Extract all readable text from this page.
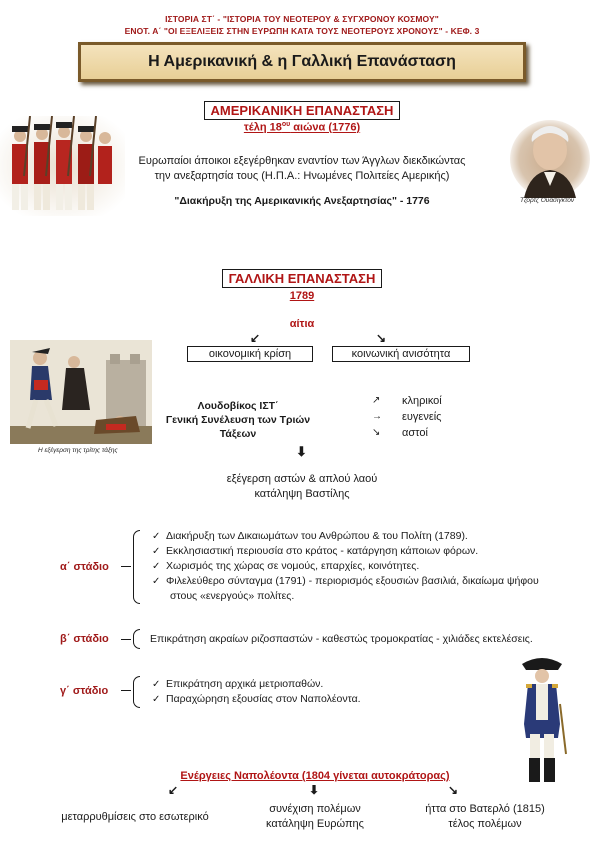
ΙΣΤΟΡΙΑ ΣΤ΄ - "ΙΣΤΟΡΙΑ ΤΟΥ ΝΕΟΤΕΡΟΥ & ΣΥΓΧΡΟΝΟΥ ΚΟΣΜΟΥ"
ΕΝΟΤ. Α΄ "ΟΙ ΕΞΕΛΙΞΕΙΣ ΣΤΗΝ ΕΥΡΩΠΗ ΚΑΤΑ ΤΟΥΣ ΝΕΟΤΕΡΟΥΣ ΧΡΟΝΟΥΣ" - ΚΕΦ. 3
Η Αμερικανική & η Γαλλική Επανάσταση
ΑΜΕΡΙΚΑΝΙΚΗ ΕΠΑΝΑΣΤΑΣΗ
τέλη $18^{o\upsilon}$ αιώνα (1776)
Ευρωπαίοι άποικοι εξεγέρθηκαν εναντίον των Άγγλων διεκδικώντας
την ανεξαρτησία τους (Η.Π.Α.: Ηνωμένες Πολιτείες Αμερικής)
"Διακήρυξη της Αμερικανικής Ανεξαρτησίας" - 1776	Τζορτζ Ουάσιγκτον
ΓΑΛΛΙΚΗ ΕΠΑΝΑΣΤΑΣΗ
1789
αίτια
↙	↘
οικονομική κρίση	κοινωνική ανισότητα
Η εξέγερση της τρίτης τάξης
Λουδοβίκος ΙΣΤ΄
Γενική Συνέλευση των Τριών Τάξεων
↗
→
↘
κληρικοί
ευγενείς
αστοί
⬇
εξέγερση αστών & απλού λαού
κατάληψη Βαστίλης
α΄ στάδιο
✓ Διακήρυξη των Δικαιωμάτων του Ανθρώπου & του Πολίτη (1789).
✓ Εκκλησιαστική περιουσία στο κράτος - κατάργηση κάποιων φόρων.
✓ Χωρισμός της χώρας σε νομούς, επαρχίες, κοινότητες.
✓ Φιλελεύθερο σύνταγμα (1791) - περιορισμός εξουσιών βασιλιά, δικαίωμα ψήφου
στους «ενεργούς» πολίτες.
β΄ στάδιο	Επικράτηση ακραίων ριζοσπαστών - καθεστώς τρομοκρατίας - χιλιάδες εκτελέσεις.
γ΄ στάδιο
✓ Επικράτηση αρχικά μετριοπαθών.
✓ Παραχώρηση εξουσίας στον Ναπολέοντα.
Ενέργειες Ναπολέοντα (1804 γίνεται αυτοκράτορας)
↙	⬇	↘
μεταρρυθμίσεις στο εσωτερικό
συνέχιση πολέμων
κατάληψη Ευρώπης
ήττα στο Βατερλό (1815)
τέλος πολέμων
